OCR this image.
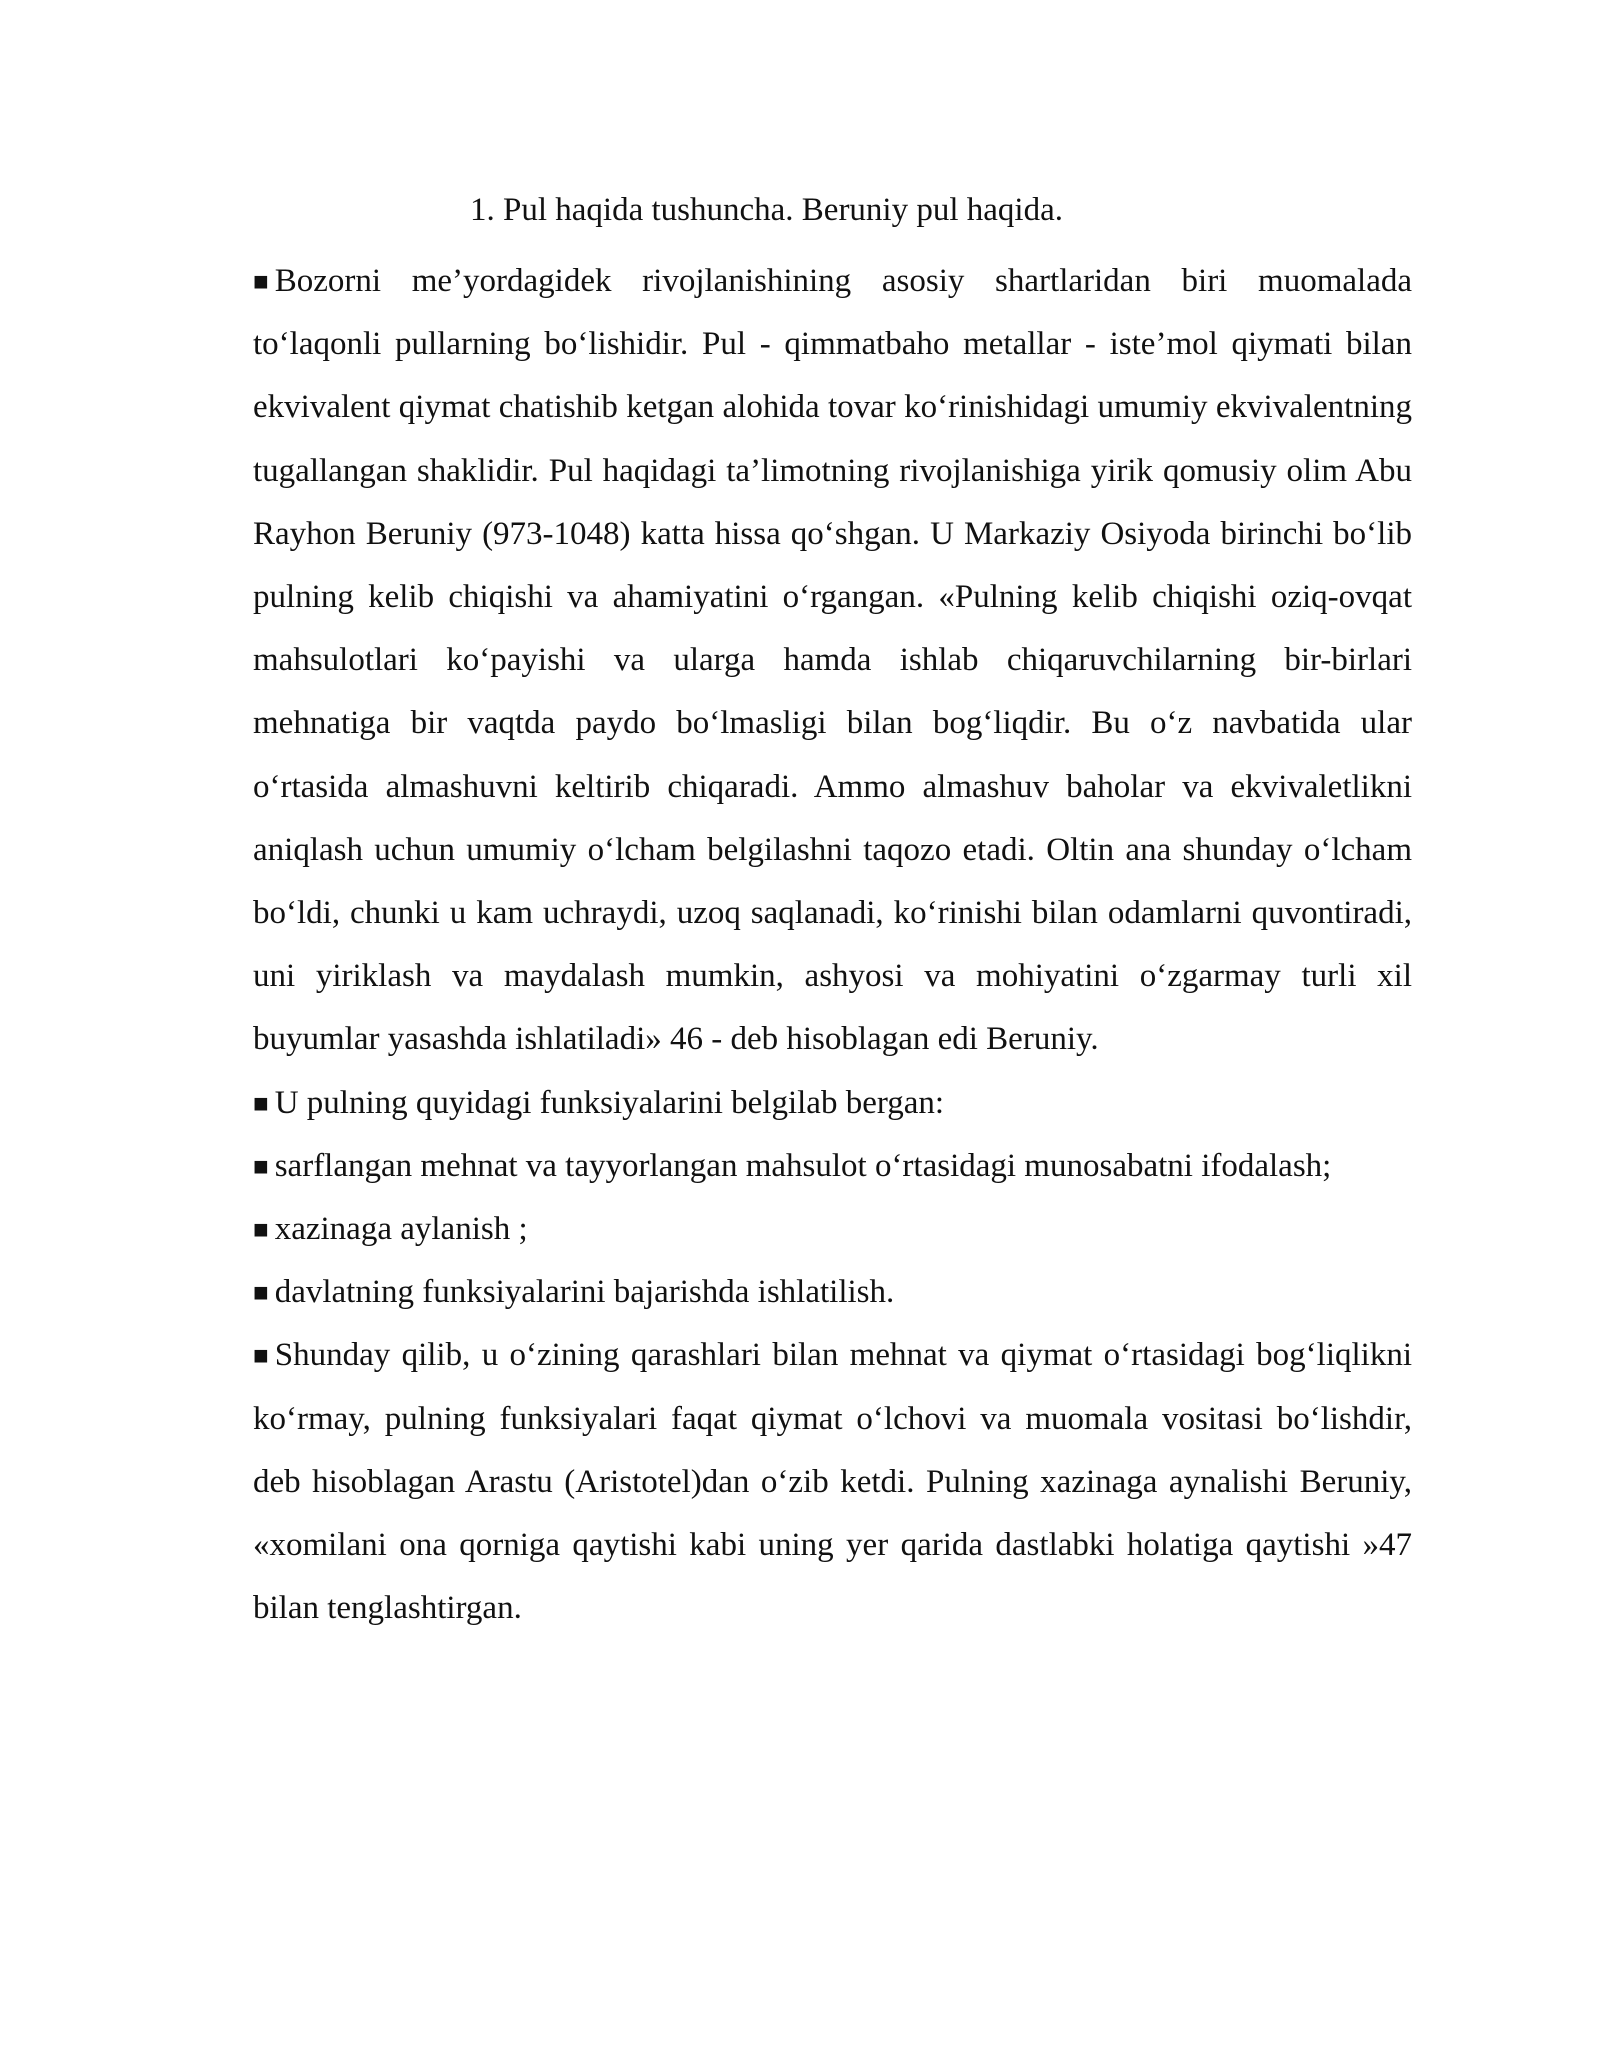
1. Pul haqida tushuncha. Beruniy pul haqida.

■ Bozorni me’yordagidek rivojlanishining asosiy shartlaridan biri muomalada to‘laqonli pullarning bo‘lishidir. Pul - qimmatbaho metallar - iste’mol qiymati bilan ekvivalent qiymat chatishib ketgan alohida tovar ko‘rinishidagi umumiy ekvivalentning tugallangan shaklidir. Pul haqidagi ta’limotning rivojlanishiga yirik qomusiy olim Abu Rayhon Beruniy (973-1048) katta hissa qo‘shgan. U Markaziy Osiyoda birinchi bo‘lib pulning kelib chiqishi va ahamiyatini o‘rgangan. «Pulning kelib chiqishi oziq-ovqat mahsulotlari ko‘payishi va ularga hamda ishlab chiqaruvchilarning bir-birlari mehnatiga bir vaqtda paydo bo‘lmasligi bilan bog‘liqdir. Bu o‘z navbatida ular o‘rtasida almashuvni keltirib chiqaradi. Ammo almashuv baholar va ekvivaletlikni aniqlash uchun umumiy o‘lcham belgilashni taqozo etadi. Oltin ana shunday o‘lcham bo‘ldi, chunki u kam uchraydi, uzoq saqlanadi, ko‘rinishi bilan odamlarni quvontiradi, uni yiriklash va maydalash mumkin, ashyosi va mohiyatini o‘zgarmay turli xil buyumlar yasashda ishlatiladi» 46 - deb hisoblagan edi Beruniy.

■ U pulning quyidagi funksiyalarini belgilab bergan:

■ sarflangan mehnat va tayyorlangan mahsulot o‘rtasidagi munosabatni ifodalash;

■ xazinaga aylanish ;

■ davlatning funksiyalarini bajarishda ishlatilish.

■ Shunday qilib, u o‘zining qarashlari bilan mehnat va qiymat o‘rtasidagi bog‘liqlikni ko‘rmay, pulning funksiyalari faqat qiymat o‘lchovi va muomala vositasi bo‘lishdir, deb hisoblagan Arastu (Aristotel)dan o‘zib ketdi. Pulning xazinaga aynalishi Beruniy, «xomilani ona qorniga qaytishi kabi uning yer qarida dastlabki holatiga qaytishi »47 bilan tenglashtirgan.
